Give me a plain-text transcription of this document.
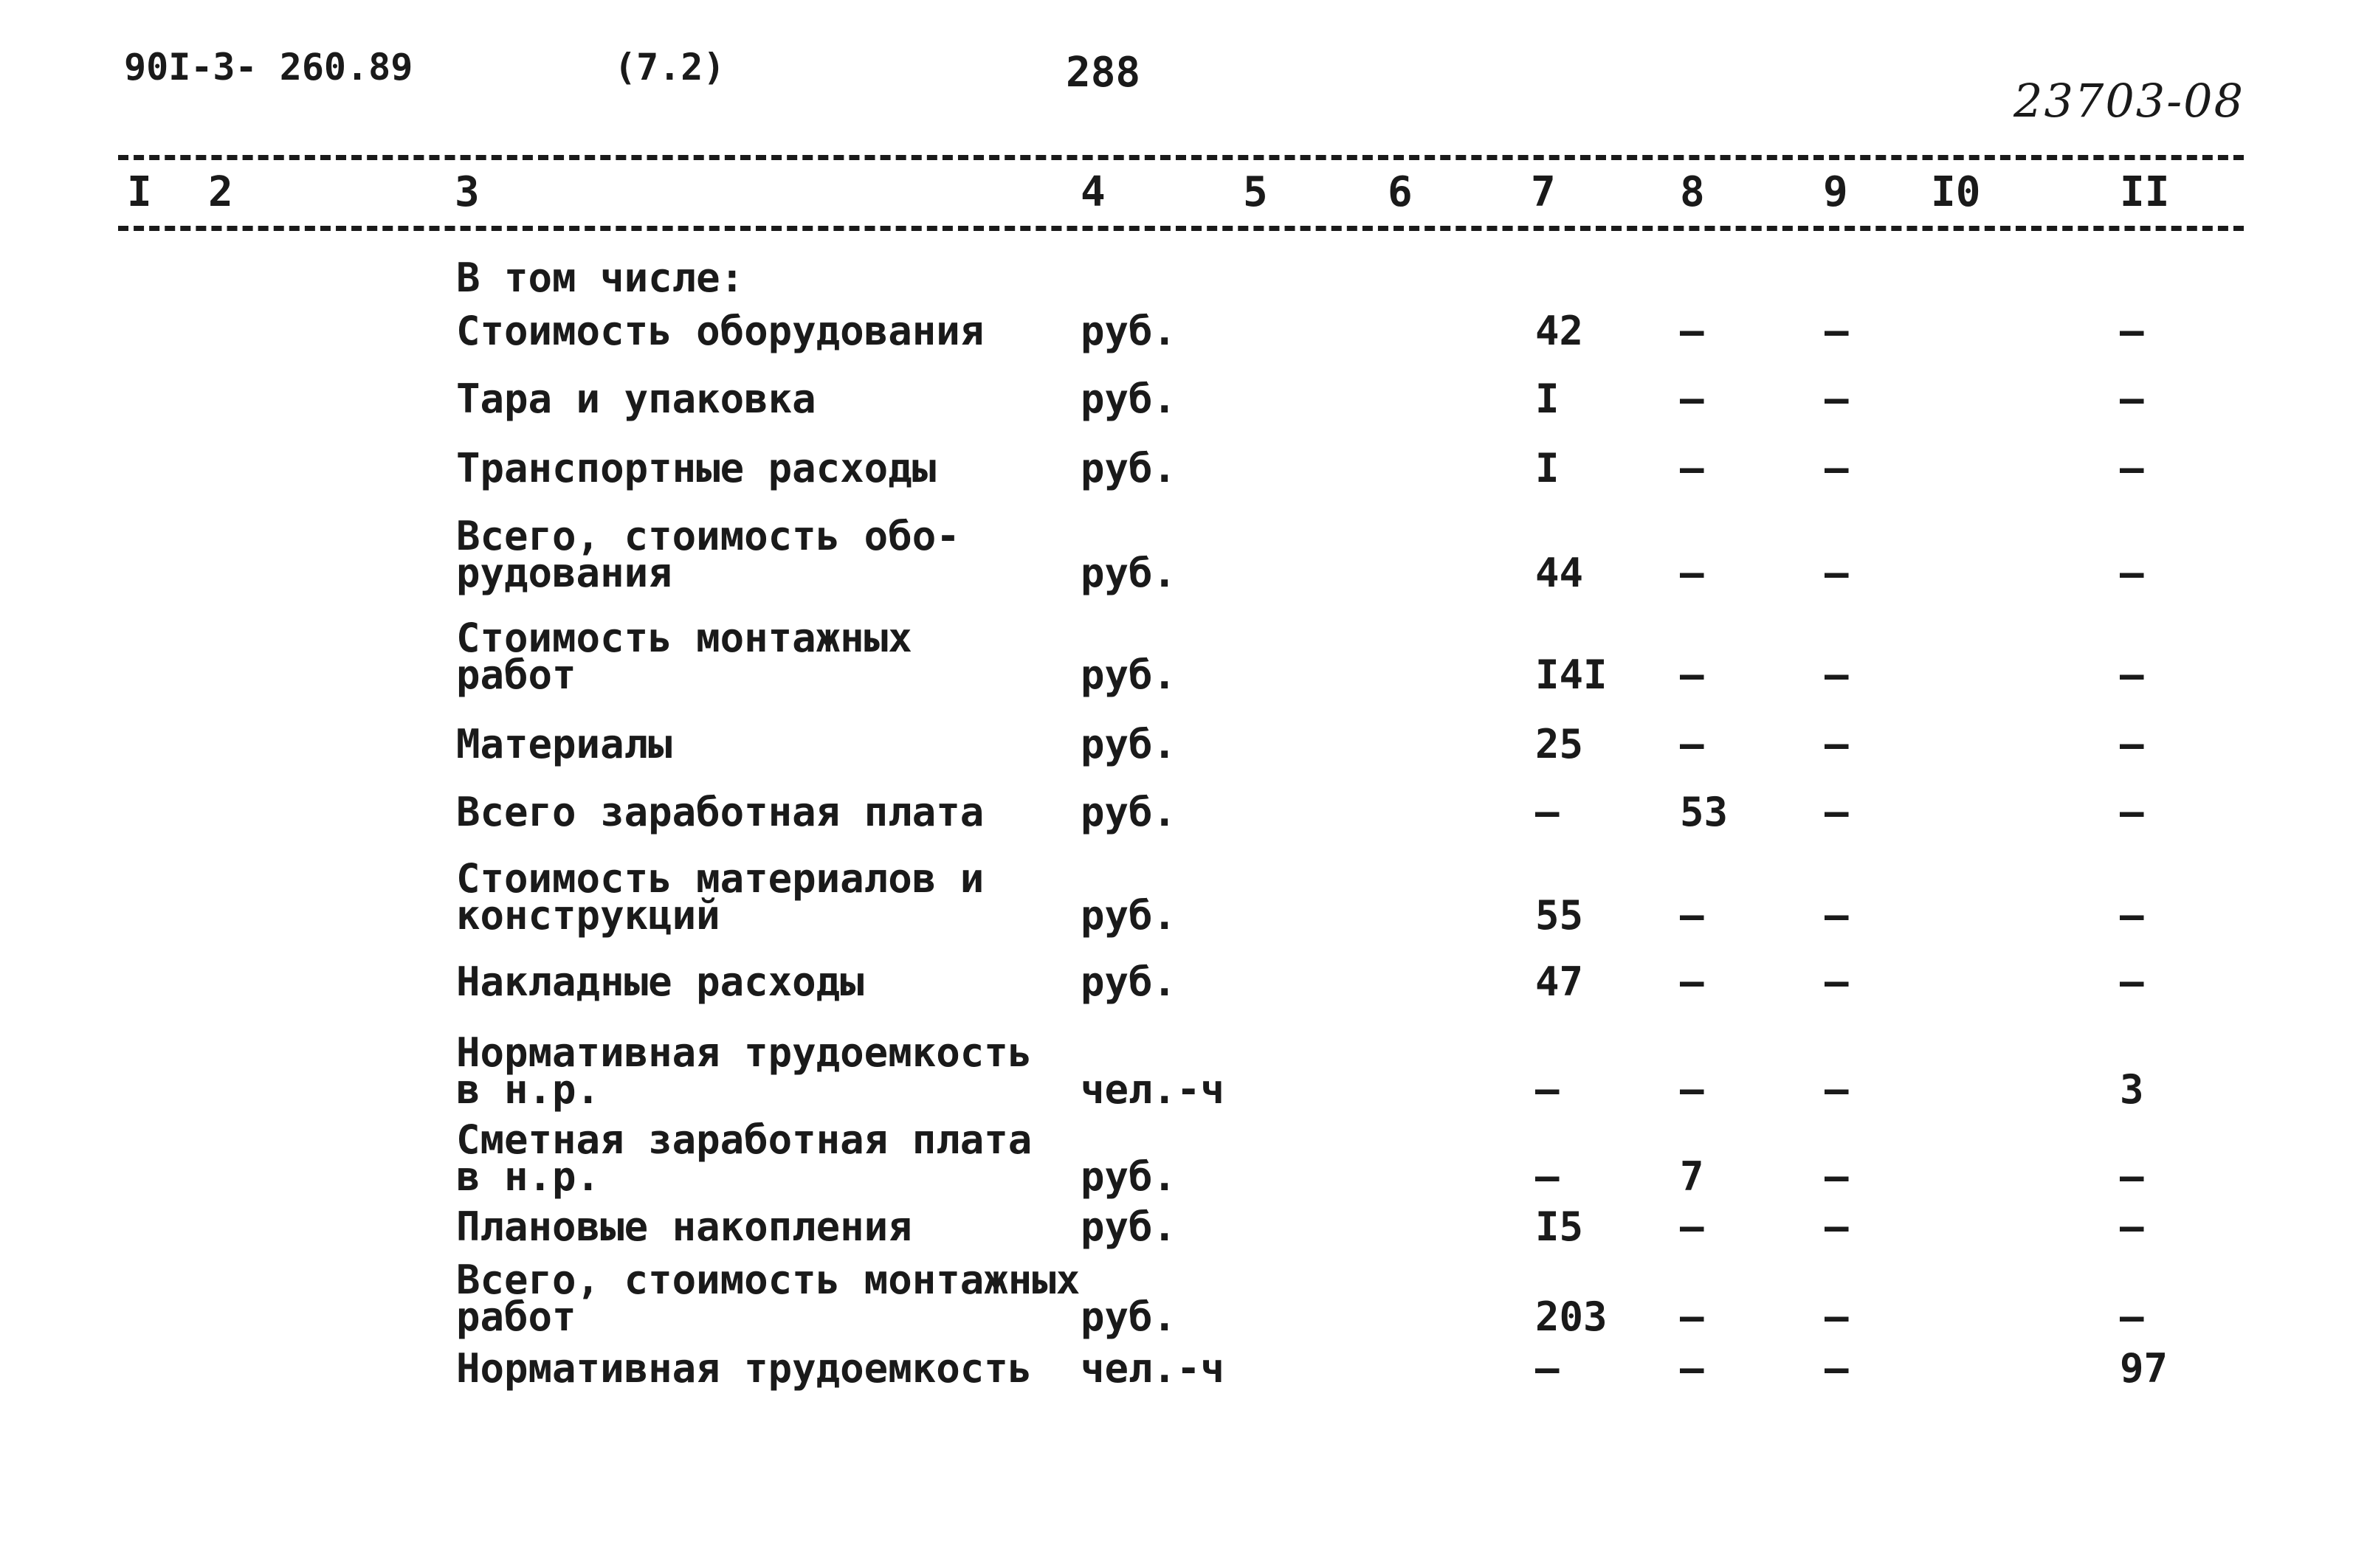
90I-3- 260.89	(7.2)	288
23703-08
I 2	3	4	5	6	7	8	9 I0	II
В том числе:
Стоимость оборудования руб.	42 –	–	–
Тара и упаковка	руб.	I	–	–	–
Транспортные расходы	руб.	I	–	–	–
Всего, стоимость обо-
рудования	руб.	44 –	–	–
Стоимость монтажных
работ	руб.	I4I –	–	–
Материалы	руб.	25 –	–	–
Всего заработная плата руб.	–	53 –	–
Стоимость материалов и
конструкций	руб.	55 –	–	–
Накладные расходы	руб.	47 –	–	–
Нормативная трудоемкость
в н.р.	чел.-ч	–	–	–	3
Сметная заработная плата
в н.р.	руб.	–	7	–	–
Плановые накопления	руб.	I5 –	–	–
Всего, стоимость монтажных
работ	руб.	203 –	–	–
Нормативная трудоемкость чел.-ч	–	–	–	97
